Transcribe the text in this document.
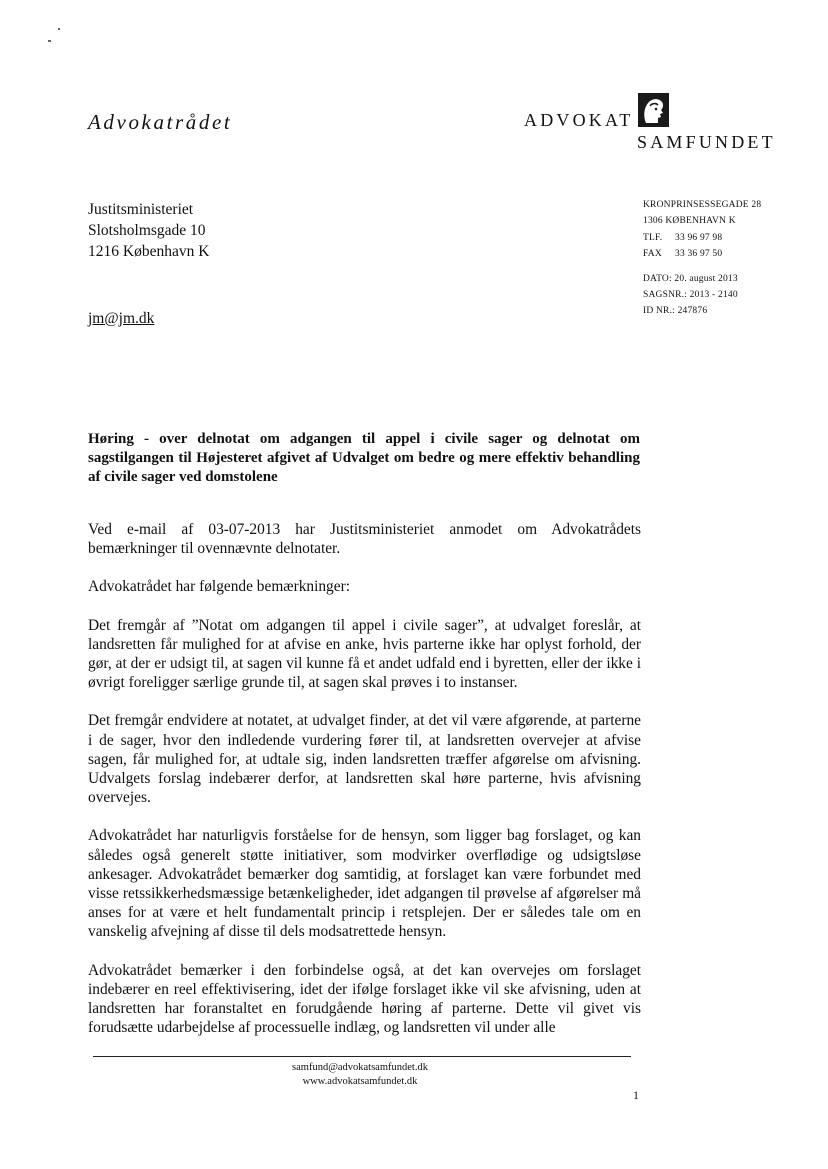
Advokatrådet	ADVOKAT
SAMFUNDET
Justitsministeriet
Slotsholmsgade 10
1216 København K
jm@jm.dk
KRONPRINSESSEGADE 28
1306 KØBENHAVN K
TLF. 33 96 97 98
FAX 33 36 97 50
DATO: 20. august 2013
SAGSNR.: 2013 - 2140
ID NR.: 247876
Høring - over delnotat om adgangen til appel i civile sager og delnotat om sagstilgangen til Højesteret afgivet af Udvalget om bedre og mere effektiv behandling af civile sager ved domstolene

Ved e-mail af 03-07-2013 har Justitsministeriet anmodet om Advokatrådets bemærkninger til ovennævnte delnotater.

Advokatrådet har følgende bemærkninger:

Det fremgår af ”Notat om adgangen til appel i civile sager”, at udvalget foreslår, at landsretten får mulighed for at afvise en anke, hvis parterne ikke har oplyst forhold, der gør, at der er udsigt til, at sagen vil kunne få et andet udfald end i byretten, eller der ikke i øvrigt foreligger særlige grunde til, at sagen skal prøves i to instanser.

Det fremgår endvidere at notatet, at udvalget finder, at det vil være afgørende, at parterne i de sager, hvor den indledende vurdering fører til, at landsretten overvejer at afvise sagen, får mulighed for, at udtale sig, inden landsretten træffer afgørelse om afvisning. Udvalgets forslag indebærer derfor, at landsretten skal høre parterne, hvis afvisning overvejes.

Advokatrådet har naturligvis forståelse for de hensyn, som ligger bag forslaget, og kan således også generelt støtte initiativer, som modvirker overflødige og udsigtsløse ankesager. Advokatrådet bemærker dog samtidig, at forslaget kan være forbundet med visse retssikkerhedsmæssige betænkeligheder, idet adgangen til prøvelse af afgørelser må anses for at være et helt fundamentalt princip i retsplejen. Der er således tale om en vanskelig afvejning af disse til dels modsatrettede hensyn.

Advokatrådet bemærker i den forbindelse også, at det kan overvejes om forslaget indebærer en reel effektivisering, idet der ifølge forslaget ikke vil ske afvisning, uden at landsretten har foranstaltet en forudgående høring af parterne. Dette vil givet vis forudsætte udarbejdelse af processuelle indlæg, og landsretten vil under alle

samfund@advokatsamfundet.dk
www.advokatsamfundet.dk
1
